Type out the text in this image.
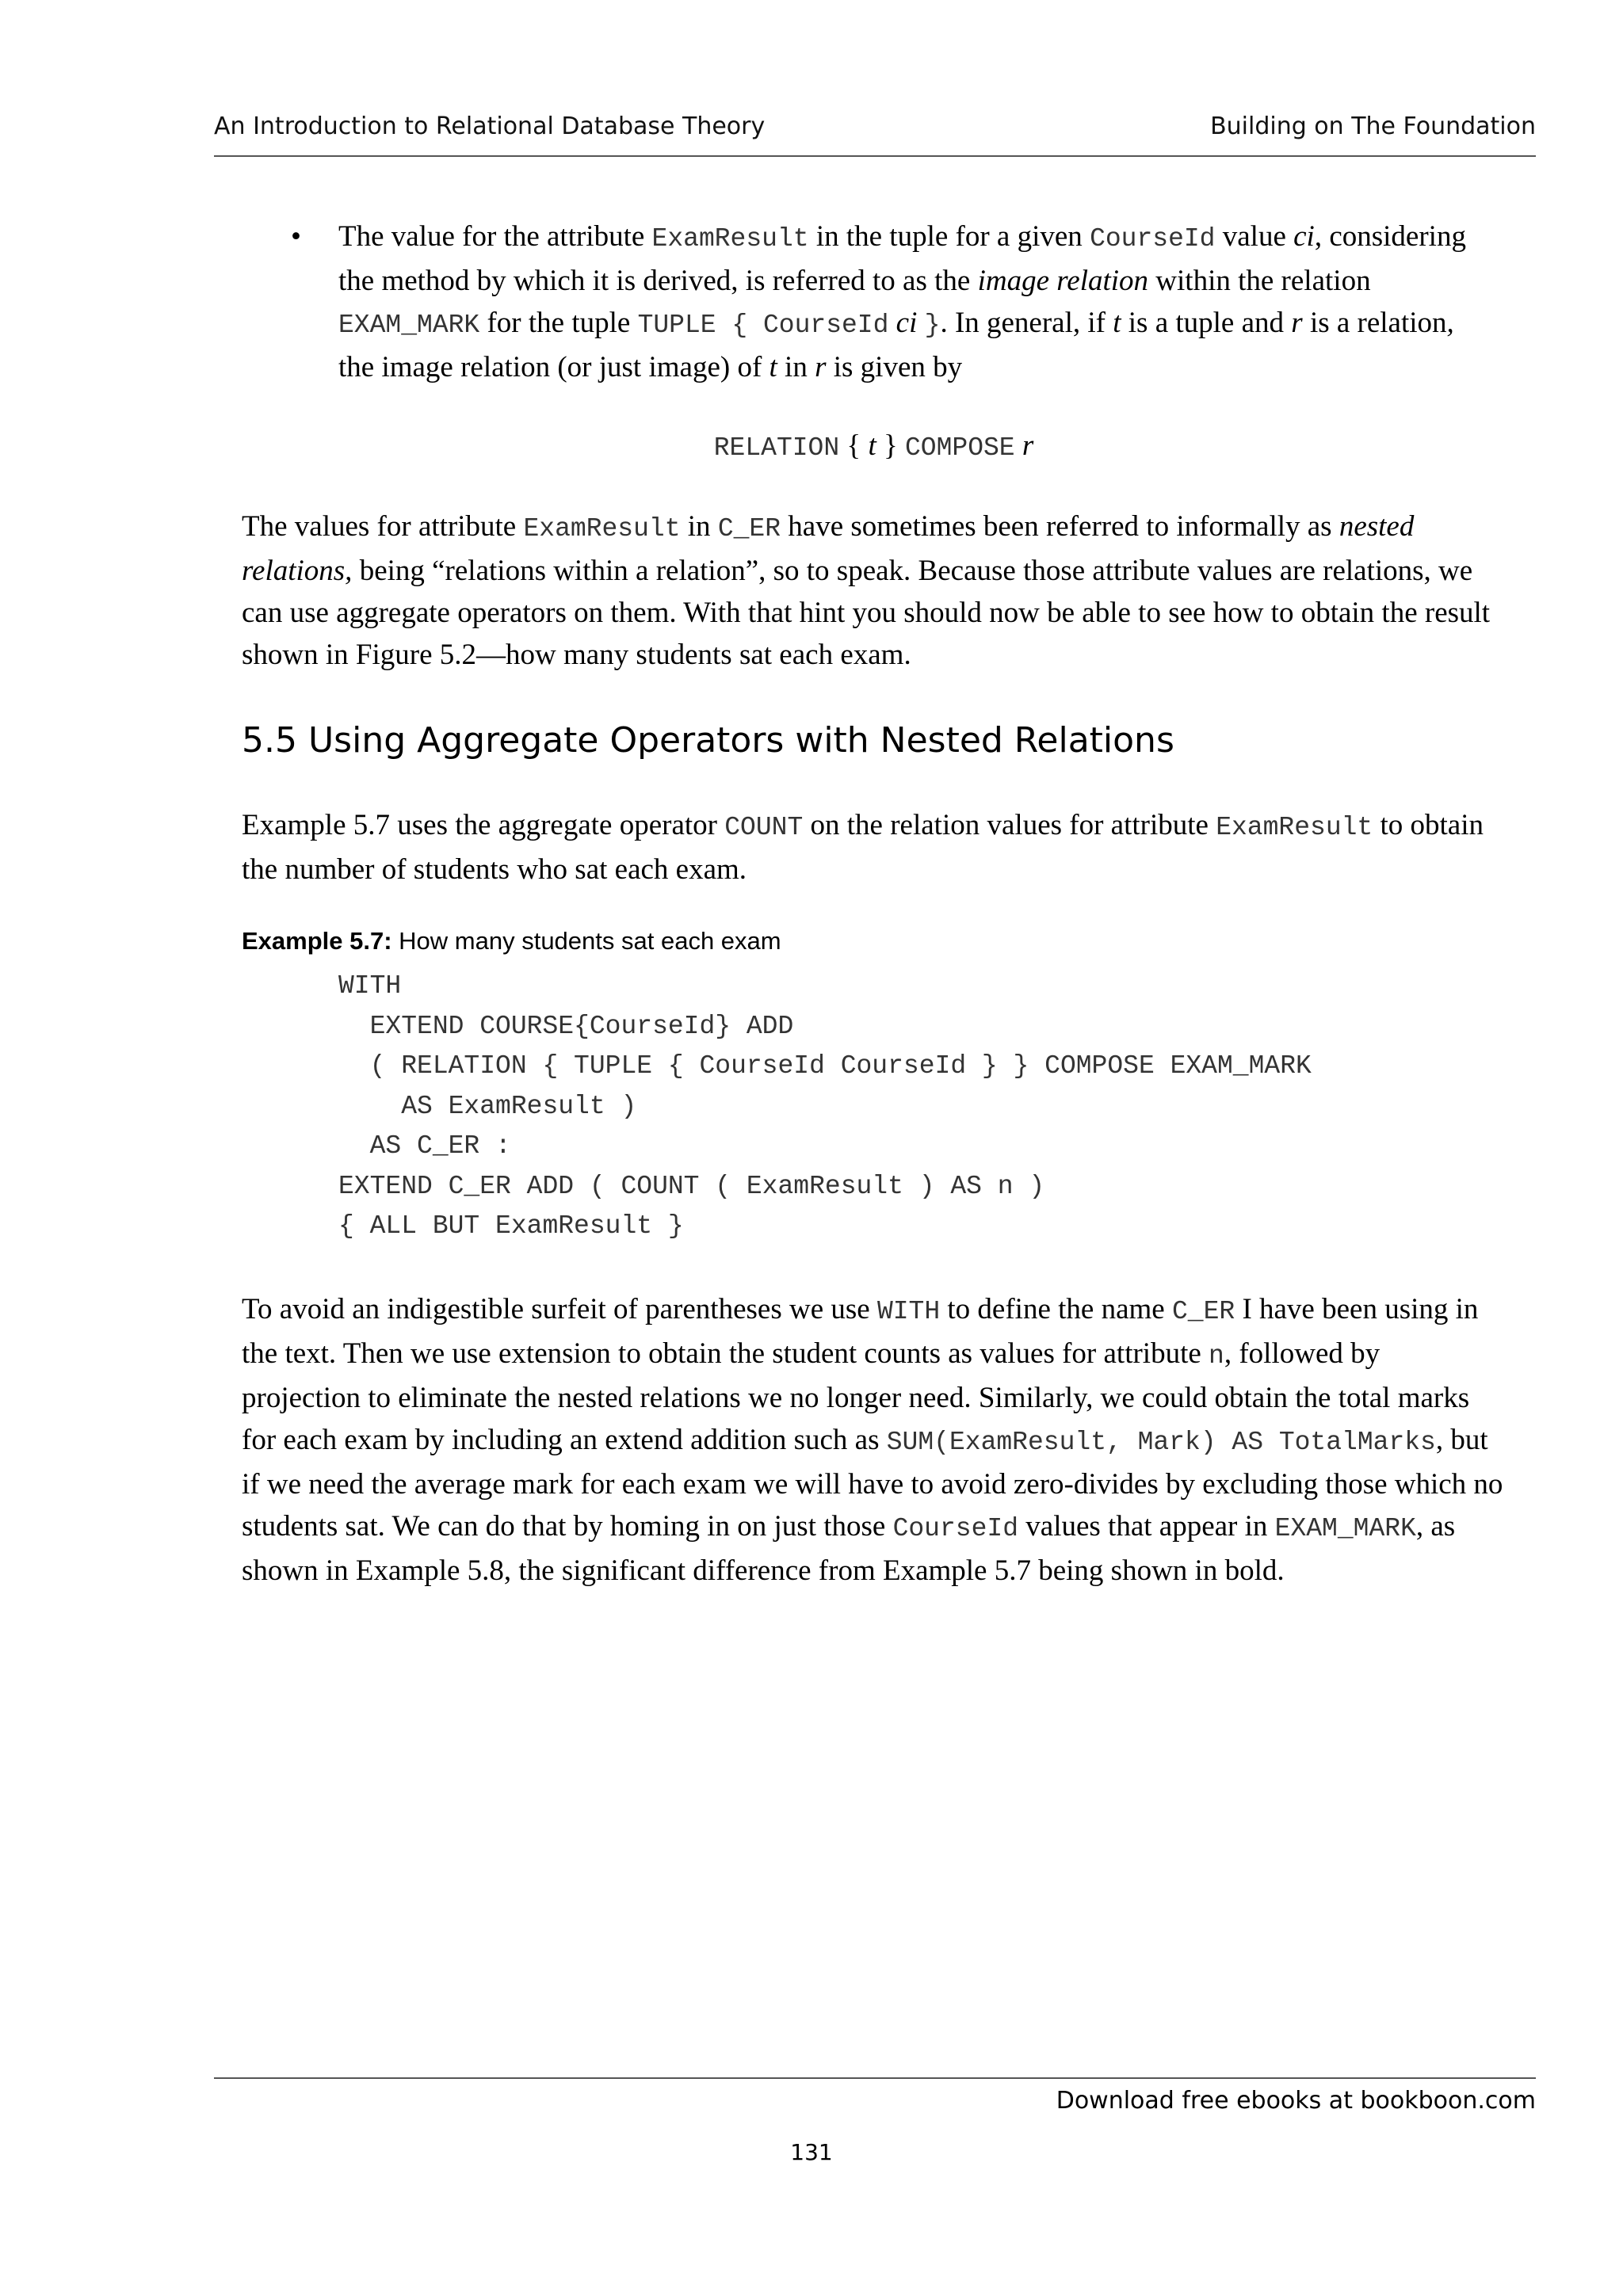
An Introduction to Relational Database Theory	Building on The Foundation
• The value for the attribute ExamResult in the tuple for a given CourseId value ci, considering the method by which it is derived, is referred to as the image relation within the relation EXAM_MARK for the tuple TUPLE { CourseId ci }. In general, if t is a tuple and r is a relation, the image relation (or just image) of t in r is given by
RELATION { t } COMPOSE r

The values for attribute ExamResult in C_ER have sometimes been referred to informally as nested relations, being “relations within a relation”, so to speak. Because those attribute values are relations, we can use aggregate operators on them. With that hint you should now be able to see how to obtain the result shown in Figure 5.2—how many students sat each exam.

5.5 Using Aggregate Operators with Nested Relations

Example 5.7 uses the aggregate operator COUNT on the relation values for attribute ExamResult to obtain the number of students who sat each exam.

Example 5.7: How many students sat each exam
WITH
EXTEND COURSE{CourseId} ADD
( RELATION { TUPLE { CourseId CourseId } } COMPOSE EXAM_MARK
AS ExamResult )
AS C_ER :
EXTEND C_ER ADD ( COUNT ( ExamResult ) AS n )
{ ALL BUT ExamResult }

To avoid an indigestible surfeit of parentheses we use WITH to define the name C_ER I have been using in the text. Then we use extension to obtain the student counts as values for attribute n, followed by projection to eliminate the nested relations we no longer need. Similarly, we could obtain the total marks for each exam by including an extend addition such as SUM(ExamResult, Mark) AS TotalMarks, but if we need the average mark for each exam we will have to avoid zero-divides by excluding those which no students sat. We can do that by homing in on just those CourseId values that appear in EXAM_MARK, as shown in Example 5.8, the significant difference from Example 5.7 being shown in bold.

Download free ebooks at bookboon.com
131
